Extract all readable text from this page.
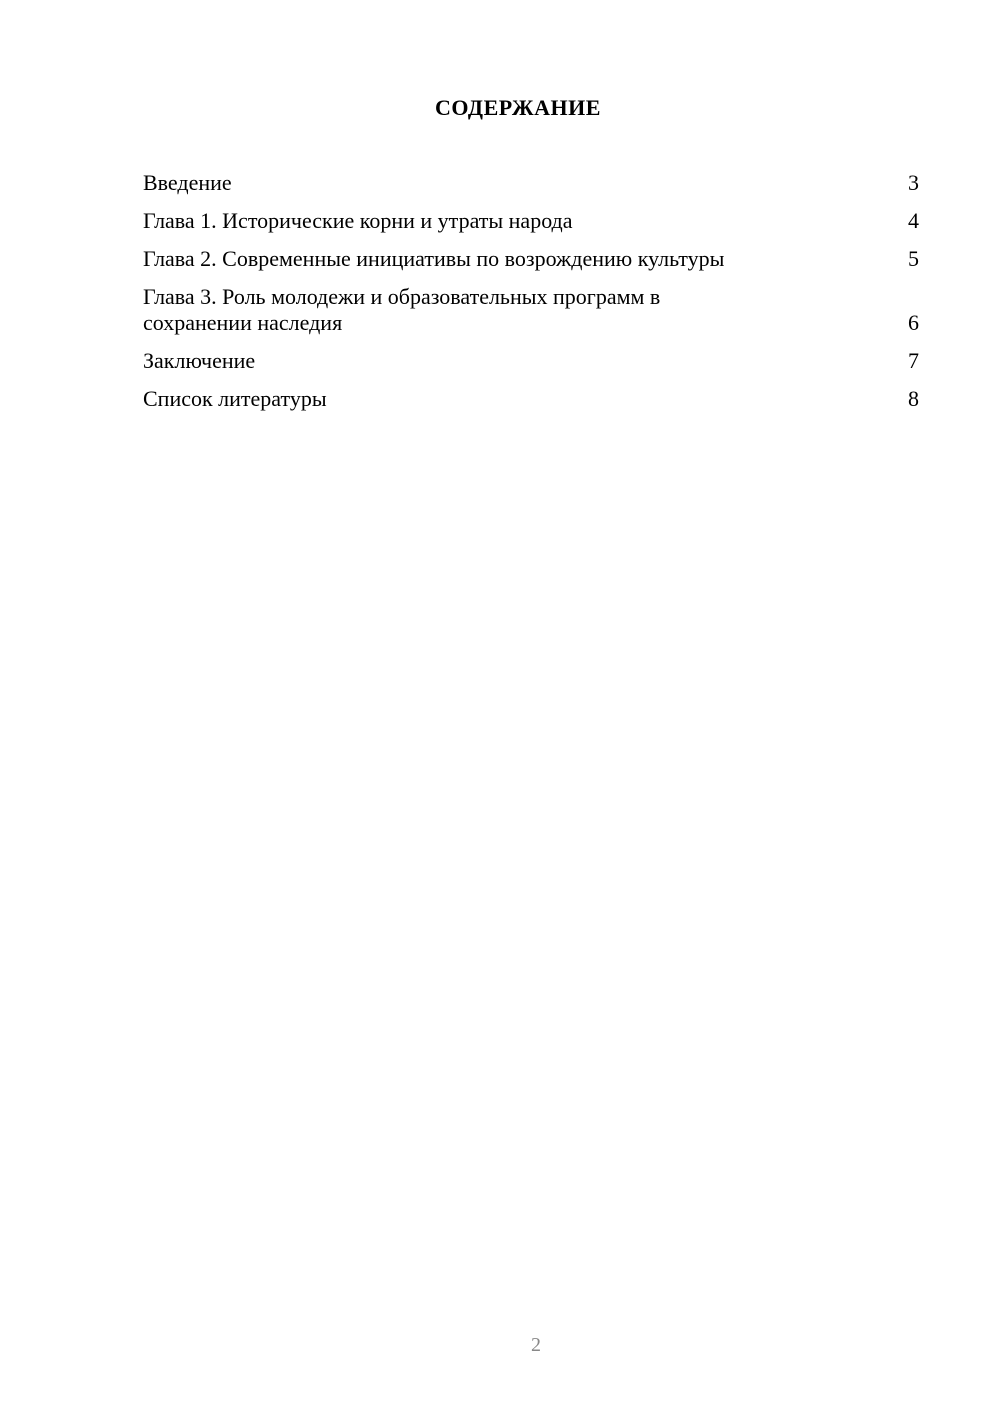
СОДЕРЖАНИЕ
Введение	3
Глава 1. Исторические корни и утраты народа	4
Глава 2. Современные инициативы по возрождению культуры	5
Глава 3. Роль молодежи и образовательных программ в
сохранении наследия	6
Заключение	7
Список литературы	8
2
